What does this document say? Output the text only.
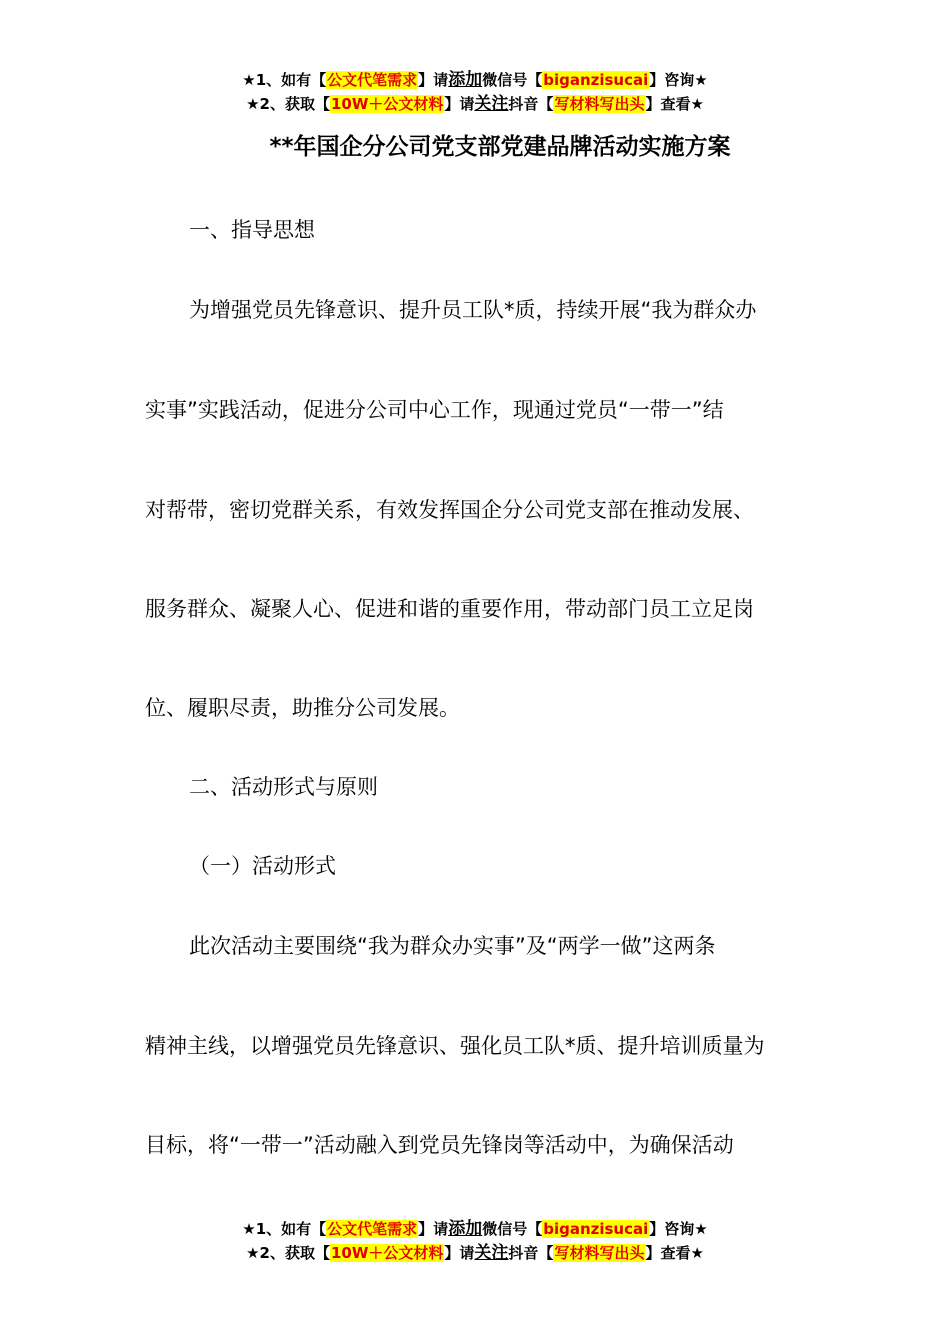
★1、如有【公文代笔需求】请添加微信号【biganzisucai】咨询★
★2、获取【10W＋公文材料】请关注抖音【写材料写出头】查看★
**年国企分公司党支部党建品牌活动实施方案
一、指导思想
为增强党员先锋意识、提升员工队*质，持续开展“我为群众办
实事”实践活动，促进分公司中心工作，现通过党员“一带一”结
对帮带，密切党群关系，有效发挥国企分公司党支部在推动发展、
服务群众、凝聚人心、促进和谐的重要作用，带动部门员工立足岗
位、履职尽责，助推分公司发展。
二、活动形式与原则
（一）活动形式
此次活动主要围绕“我为群众办实事”及“两学一做”这两条
精神主线，以增强党员先锋意识、强化员工队*质、提升培训质量为
目标，将“一带一”活动融入到党员先锋岗等活动中，为确保活动
★1、如有【公文代笔需求】请添加微信号【biganzisucai】咨询★
★2、获取【10W＋公文材料】请关注抖音【写材料写出头】查看★
